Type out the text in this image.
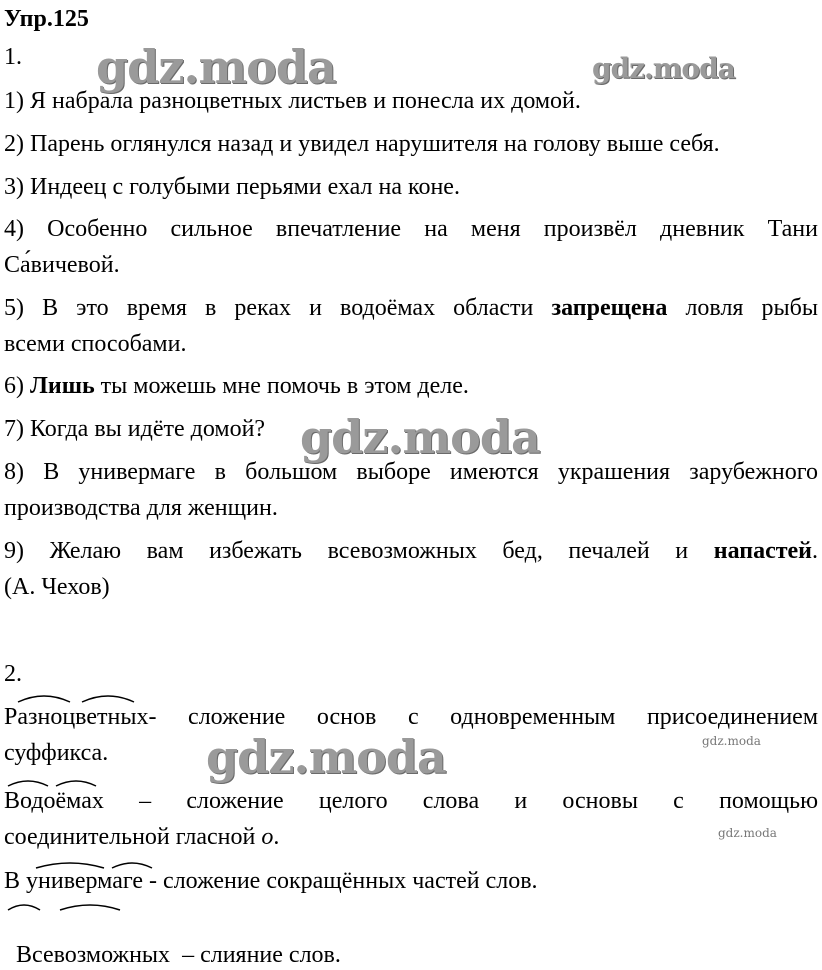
Упр.125
1.
1) Я набрала разноцветных листьев и понесла их домой.
2) Парень оглянулся назад и увидел нарушителя на голову выше себя.
3) Индеец с голубыми перьями ехал на коне.
4) Особенно сильное впечатление на меня произвёл дневник Тани
Са́вичевой.
5) В это время в реках и водоёмах области запрещена ловля рыбы
всеми способами.
6) Лишь ты можешь мне помочь в этом деле.
7) Когда вы идёте домой?
8) В универмаге в большом выборе имеются украшения зарубежного
производства для женщин.
9) Желаю вам избежать всевозможных бед, печалей и напастей.
(А. Чехов)
2.
Разноцветных- сложение основ с одновременным присоединением
суффикса.
Водоёмах – сложение целого слова и основы с помощью
соединительной гласной о.
В универмаге - сложение сокращённых частей слов.

Всевозможных  – слияние слов.

gdz.moda	gdz.moda
gdz.moda
gdz.moda	gdz.moda
gdz.moda
